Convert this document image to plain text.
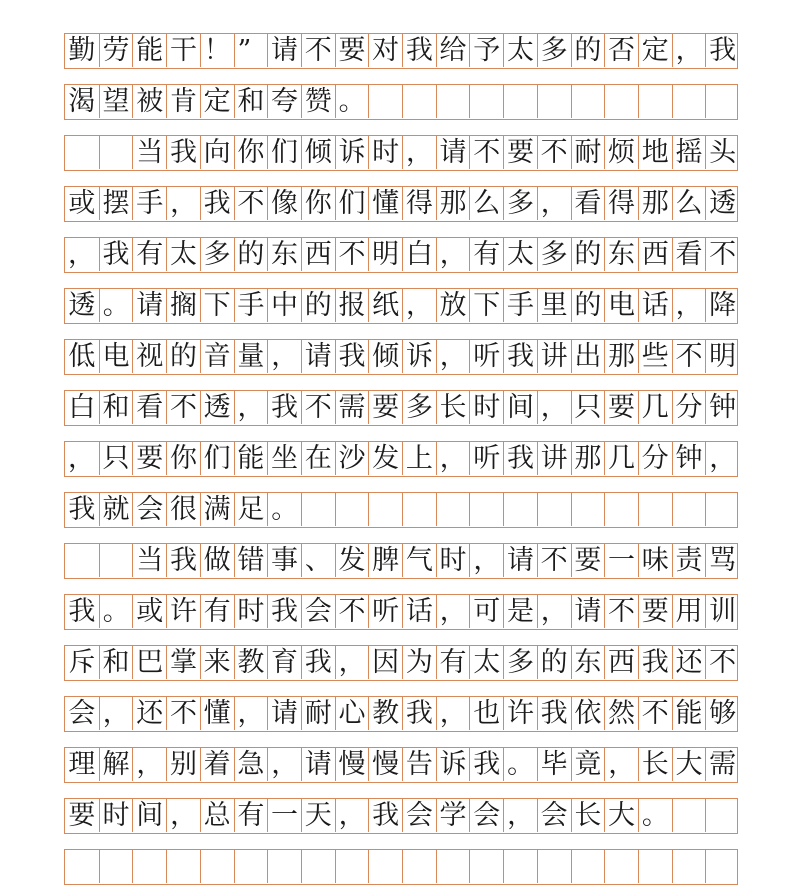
勤 劳 能 干 ！ ” 请 不 要 对 我 给 予 太 多 的 否 定 ， 我
渴 望 被 肯 定 和 夸 赞 。
当 我 向 你 们 倾 诉 时 ， 请 不 要 不 耐 烦 地 摇 头
或 摆 手 ， 我 不 像 你 们 懂 得 那 么 多 ， 看 得 那 么 透
， 我 有 太 多 的 东 西 不 明 白 ， 有 太 多 的 东 西 看 不
透 。 请 搁 下 手 中 的 报 纸 ， 放 下 手 里 的 电 话 ， 降
低 电 视 的 音 量 ， 请 我 倾 诉 ， 听 我 讲 出 那 些 不 明
白 和 看 不 透 ， 我 不 需 要 多 长 时 间 ， 只 要 几 分 钟
， 只 要 你 们 能 坐 在 沙 发 上 ， 听 我 讲 那 几 分 钟 ，
我 就 会 很 满 足 。
当 我 做 错 事 、 发 脾 气 时 ， 请 不 要 一 味 责 骂
我 。 或 许 有 时 我 会 不 听 话 ， 可 是 ， 请 不 要 用 训
斥 和 巴 掌 来 教 育 我 ， 因 为 有 太 多 的 东 西 我 还 不
会 ， 还 不 懂 ， 请 耐 心 教 我 ， 也 许 我 依 然 不 能 够
理 解 ， 别 着 急 ， 请 慢 慢 告 诉 我 。 毕 竟 ， 长 大 需
要 时 间 ， 总 有 一 天 ， 我 会 学 会 ， 会 长 大 。
